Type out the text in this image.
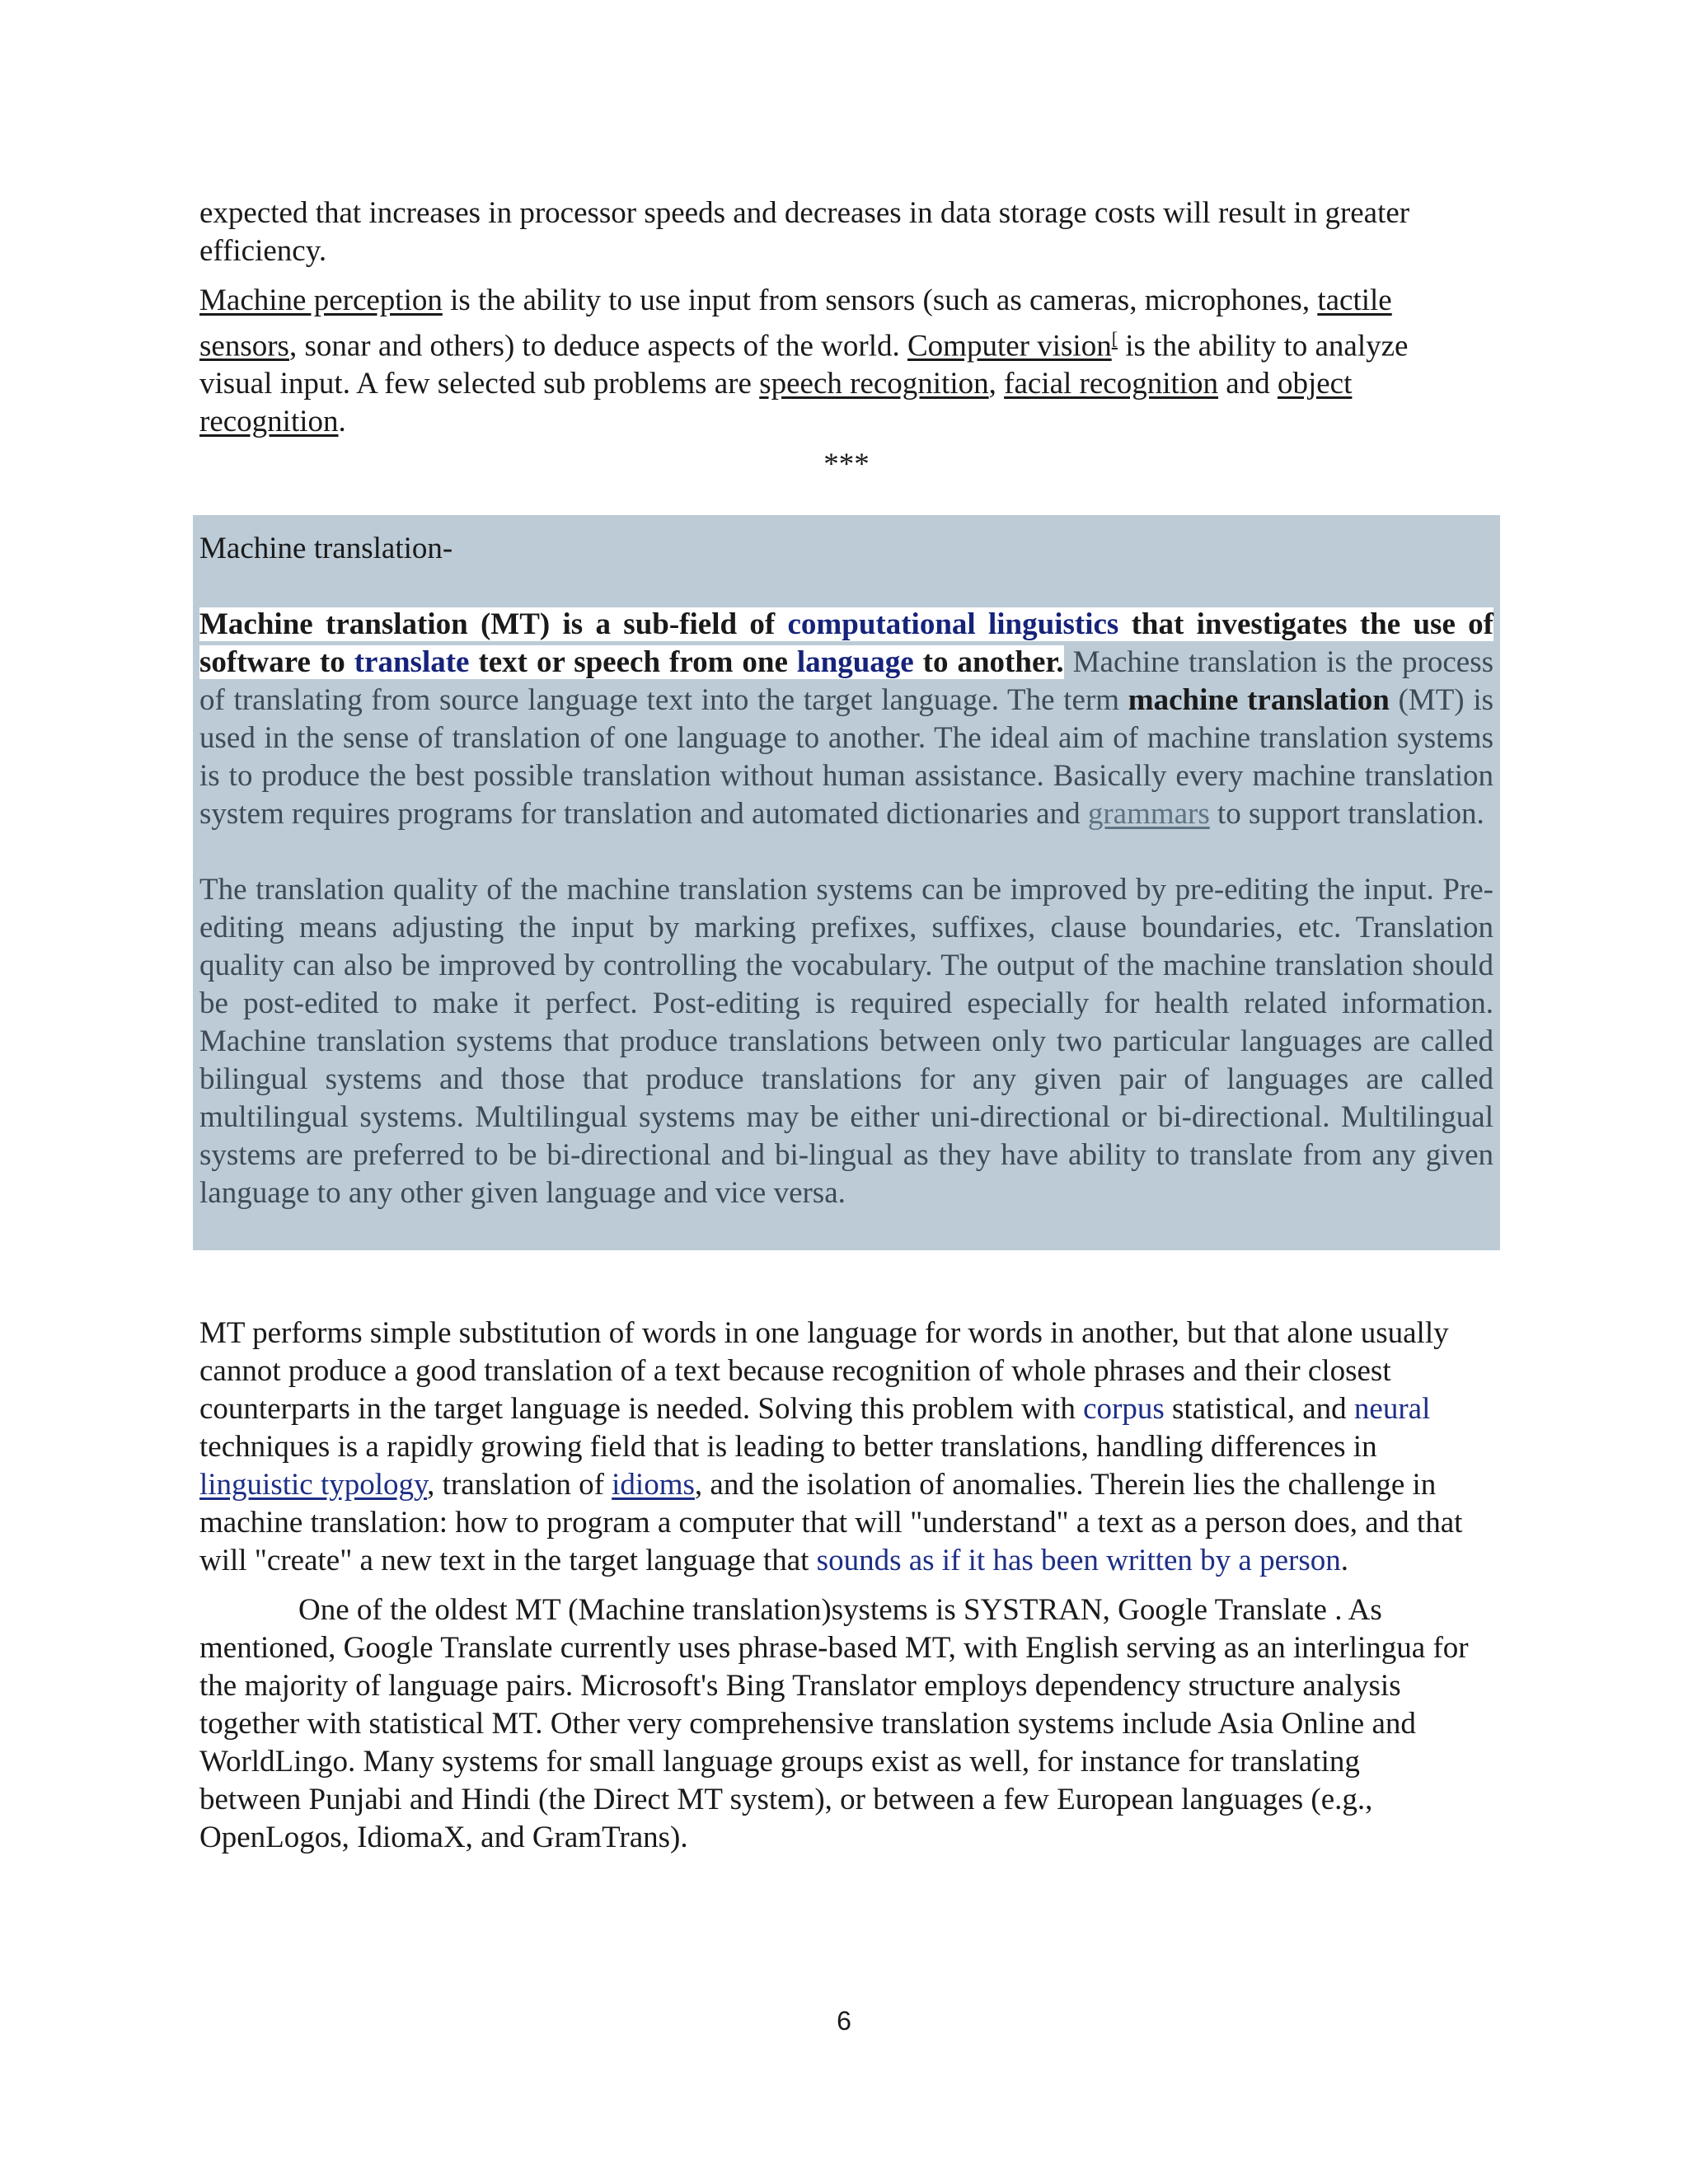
expected that increases in processor speeds and decreases in data storage costs will result in greater efficiency.

Machine perception is the ability to use input from sensors (such as cameras, microphones, tactile sensors, sonar and others) to deduce aspects of the world. Computer vision[ is the ability to analyze visual input. A few selected sub problems are speech recognition, facial recognition and object recognition.

***

Machine translation-

Machine translation (MT) is a sub-field of computational linguistics that investigates the use of software to translate text or speech from one language to another. Machine translation is the process of translating from source language text into the target language. The term machine translation (MT) is used in the sense of translation of one language to another. The ideal aim of machine translation systems is to produce the best possible translation without human assistance. Basically every machine translation system requires programs for translation and automated dictionaries and grammars to support translation.

The translation quality of the machine translation systems can be improved by pre-editing the input. Pre-editing means adjusting the input by marking prefixes, suffixes, clause boundaries, etc. Translation quality can also be improved by controlling the vocabulary. The output of the machine translation should be post-edited to make it perfect. Post-editing is required especially for health related information. Machine translation systems that produce translations between only two particular languages are called bilingual systems and those that produce translations for any given pair of languages are called multilingual systems. Multilingual systems may be either uni-directional or bi-directional. Multilingual systems are preferred to be bi-directional and bi-lingual as they have ability to translate from any given language to any other given language and vice versa.

MT performs simple substitution of words in one language for words in another, but that alone usually cannot produce a good translation of a text because recognition of whole phrases and their closest counterparts in the target language is needed. Solving this problem with corpus statistical, and neural techniques is a rapidly growing field that is leading to better translations, handling differences in linguistic typology, translation of idioms, and the isolation of anomalies. Therein lies the challenge in machine translation: how to program a computer that will "understand" a text as a person does, and that will "create" a new text in the target language that sounds as if it has been written by a person.

One of the oldest MT (Machine translation)systems is SYSTRAN, Google Translate . As mentioned, Google Translate currently uses phrase-based MT, with English serving as an interlingua for the majority of language pairs. Microsoft's Bing Translator employs dependency structure analysis together with statistical MT. Other very comprehensive translation systems include Asia Online and WorldLingo. Many systems for small language groups exist as well, for instance for translating between Punjabi and Hindi (the Direct MT system), or between a few European languages (e.g., OpenLogos, IdiomaX, and GramTrans).

6
